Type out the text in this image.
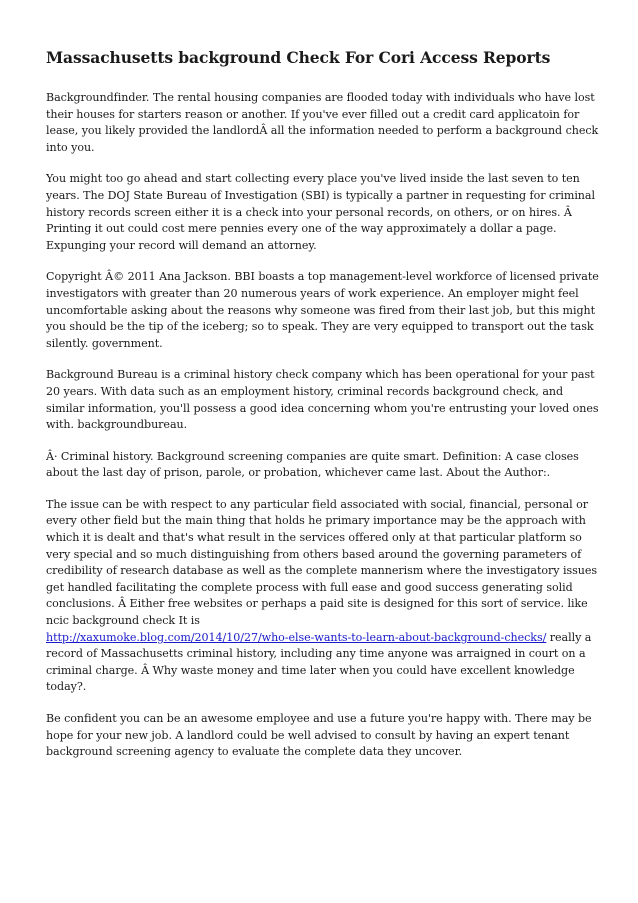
Massachusetts background Check For Cori Access Reports

Backgroundfinder. The rental housing companies are flooded today with individuals who have lost their houses for starters reason or another. If you've ever filled out a credit card applicatoin for lease, you likely provided the landlordÂ all the information needed to perform a background check into you.

You might too go ahead and start collecting every place you've lived inside the last seven to ten years. The DOJ State Bureau of Investigation (SBI) is typically a partner in requesting for criminal history records screen either it is a check into your personal records, on others, or on hires. Â Printing it out could cost mere pennies every one of the way approximately a dollar a page. Expunging your record will demand an attorney.

Copyright Â© 2011 Ana Jackson. BBI boasts a top management-level workforce of licensed private investigators with greater than 20 numerous years of work experience. An employer might feel uncomfortable asking about the reasons why someone was fired from their last job, but this might you should be the tip of the iceberg; so to speak. They are very equipped to transport out the task silently. government.

Background Bureau is a criminal history check company which has been operational for your past 20 years. With data such as an employment history, criminal records background check, and similar information, you'll possess a good idea concerning whom you're entrusting your loved ones with. backgroundbureau.

Â· Criminal history. Background screening companies are quite smart. Definition: A case closes about the last day of prison, parole, or probation, whichever came last. About the Author:.

The issue can be with respect to any particular field associated with social, financial, personal or every other field but the main thing that holds he primary importance may be the approach with which it is dealt and that's what result in the services offered only at that particular platform so very special and so much distinguishing from others based around the governing parameters of credibility of research database as well as the complete mannerism where the investigatory issues get handled facilitating the complete process with full ease and good success generating solid conclusions. Â Either free websites or perhaps a paid site is designed for this sort of service. like ncic background check It is
http://xaxumoke.blog.com/2014/10/27/who-else-wants-to-learn-about-background-checks/ really a record of Massachusetts criminal history, including any time anyone was arraigned in court on a criminal charge. Â Why waste money and time later when you could have excellent knowledge today?.

Be confident you can be an awesome employee and use a future you're happy with. There may be hope for your new job. A landlord could be well advised to consult by having an expert tenant background screening agency to evaluate the complete data they uncover.
